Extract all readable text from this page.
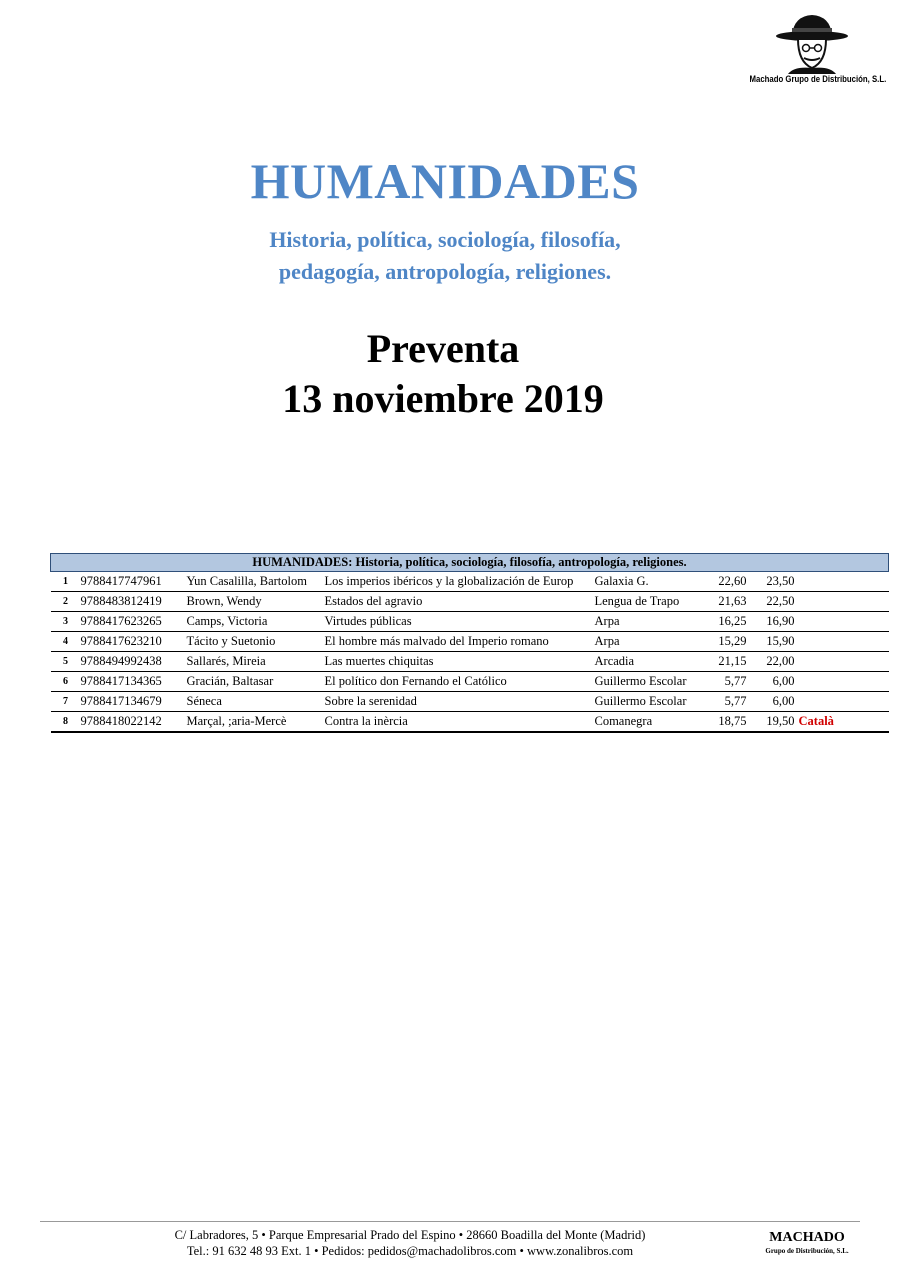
Machado Grupo de Distribución, S.L.
HUMANIDADES
Historia, política, sociología, filosofía,
pedagogía, antropología, religiones.
Preventa
13 noviembre 2019
HUMANIDADES: Historia, política, sociología, filosofía, antropología, religiones.							
1	9788417747961	Yun Casalilla, Bartolom	Los imperios ibéricos y la globalización de Europ	Galaxia G.	22,60	23,50	
2	9788483812419	Brown, Wendy	Estados del agravio	Lengua de Trapo	21,63	22,50	
3	9788417623265	Camps, Victoria	Virtudes públicas	Arpa	16,25	16,90	
4	9788417623210	Tácito y Suetonio	El hombre más malvado del Imperio romano	Arpa	15,29	15,90	
5	9788494992438	Sallarés, Mireia	Las muertes chiquitas	Arcadia	21,15	22,00	
6	9788417134365	Gracián, Baltasar	El político don Fernando el Católico	Guillermo Escolar	5,77	6,00	
7	9788417134679	Séneca	Sobre la serenidad	Guillermo Escolar	5,77	6,00	
8	9788418022142	Marçal, ;aria-Mercè	Contra la inèrcia	Comanegra	18,75	19,50	Català
C/ Labradores, 5 • Parque Empresarial Prado del Espino • 28660 Boadilla del Monte (Madrid)
Tel.: 91 632 48 93 Ext. 1 • Pedidos: pedidos@machadolibros.com • www.zonalibros.com
MACHADO
Grupo de Distribución, S.L.
